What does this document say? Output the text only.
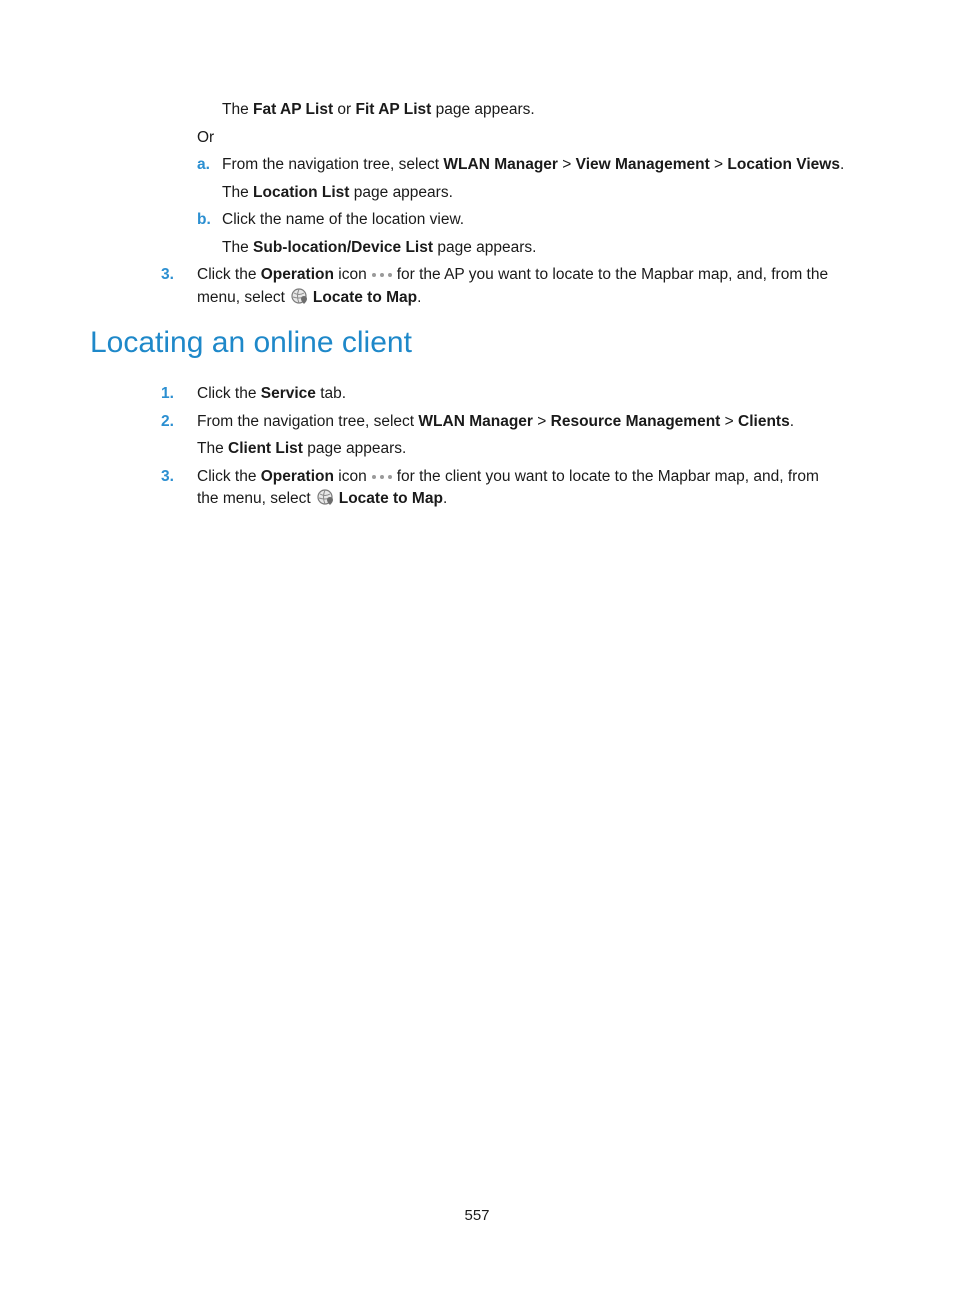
The Fat AP List or Fit AP List page appears.
Or
a. From the navigation tree, select WLAN Manager > View Management > Location Views.
The Location List page appears.
b. Click the name of the location view.
The Sub-location/Device List page appears.
3. Click the Operation icon for the AP you want to locate to the Mapbar map, and, from the
menu, select Locate to Map.
Locating an online client
1. Click the Service tab.
2. From the navigation tree, select WLAN Manager > Resource Management > Clients.
The Client List page appears.
3. Click the Operation icon for the client you want to locate to the Mapbar map, and, from
the menu, select Locate to Map.
557
